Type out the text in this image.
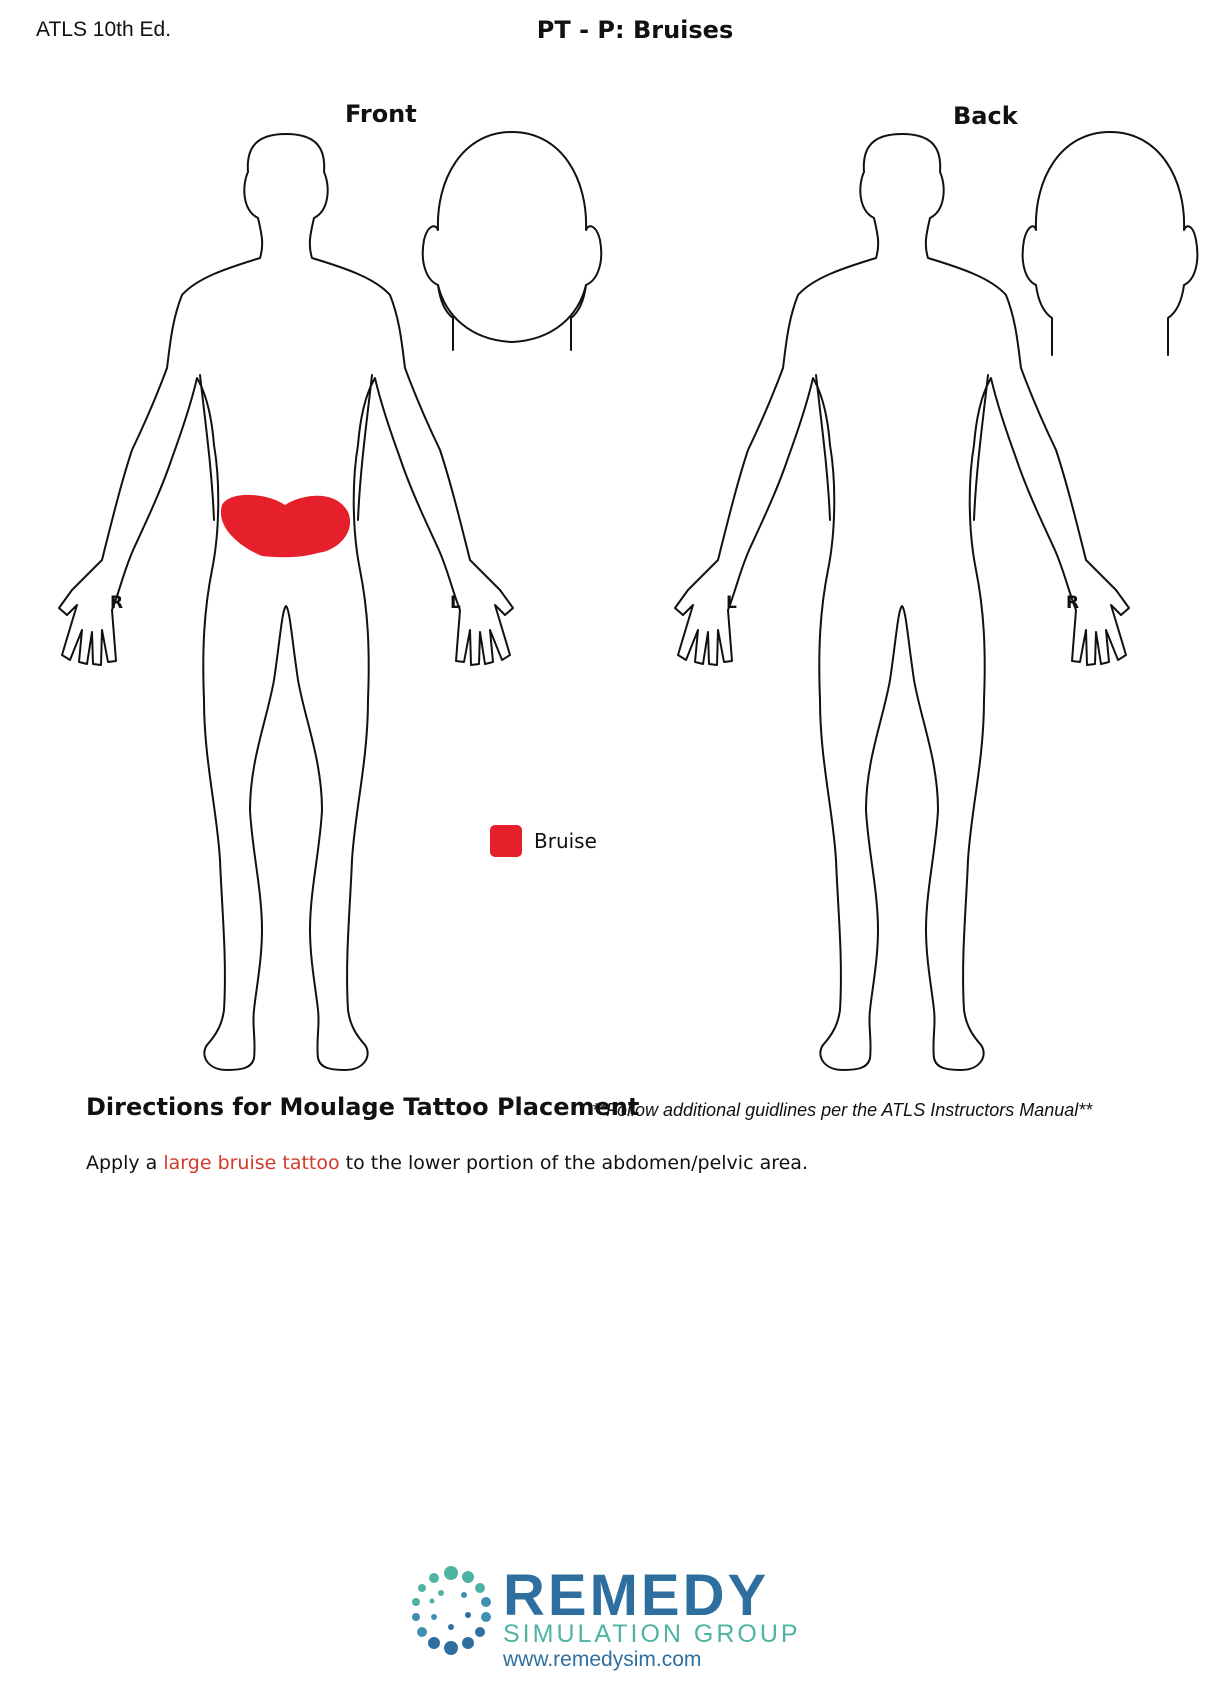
ATLS 10th Ed.	PT - P: Bruises
Front	Back
R	L	L	R
Bruise
Directions for Moulage Tattoo Placement
**Follow additional guidlines per the ATLS Instructors Manual**
Apply a large bruise tattoo to the lower portion of the abdomen/pelvic area.
REMEDY
SIMULATION GROUP
www.remedysim.com
